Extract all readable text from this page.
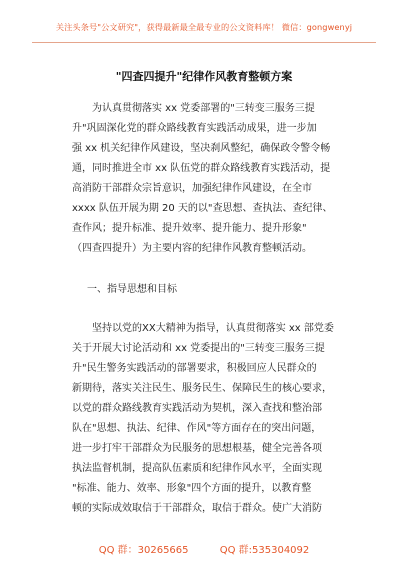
关注头条号"公文研究"，获得最新最全最专业的公文资料库！ 微信：gongwenyj
"四查四提升"纪律作风教育整顿方案
为认真贯彻落实 xx 党委部署的"三转变三服务三提
升"巩固深化党的群众路线教育实践活动成果，进一步加
强 xx 机关纪律作风建设，坚决刹风整纪，确保政令警令畅
通，同时推进全市 xx 队伍党的群众路线教育实践活动，提
高消防干部群众宗旨意识，加强纪律作风建设，在全市
xxxx 队伍开展为期 20 天的以"查思想、查执法、查纪律、
查作风；提升标准、提升效率、提升能力、提升形象"
（四查四提升）为主要内容的纪律作风教育整顿活动。
一、指导思想和目标
坚持以党的XX大精神为指导，认真贯彻落实 xx 部党委
关于开展大讨论活动和 xx 党委提出的"三转变三服务三提
升"民生警务实践活动的部署要求，积极回应人民群众的
新期待，落实关注民生、服务民生、保障民生的核心要求，
以党的群众路线教育实践活动为契机，深入查找和整治部
队在"思想、执法、纪律、作风"等方面存在的突出问题，
进一步打牢干部群众为民服务的思想根基，健全完善各项
执法监督机制，提高队伍素质和纪律作风水平，全面实现
"标准、能力、效率、形象"四个方面的提升，以教育整
顿的实际成效取信于干部群众，取信于群众。使广大消防
QQ 群：30265665	QQ 群:535304092
